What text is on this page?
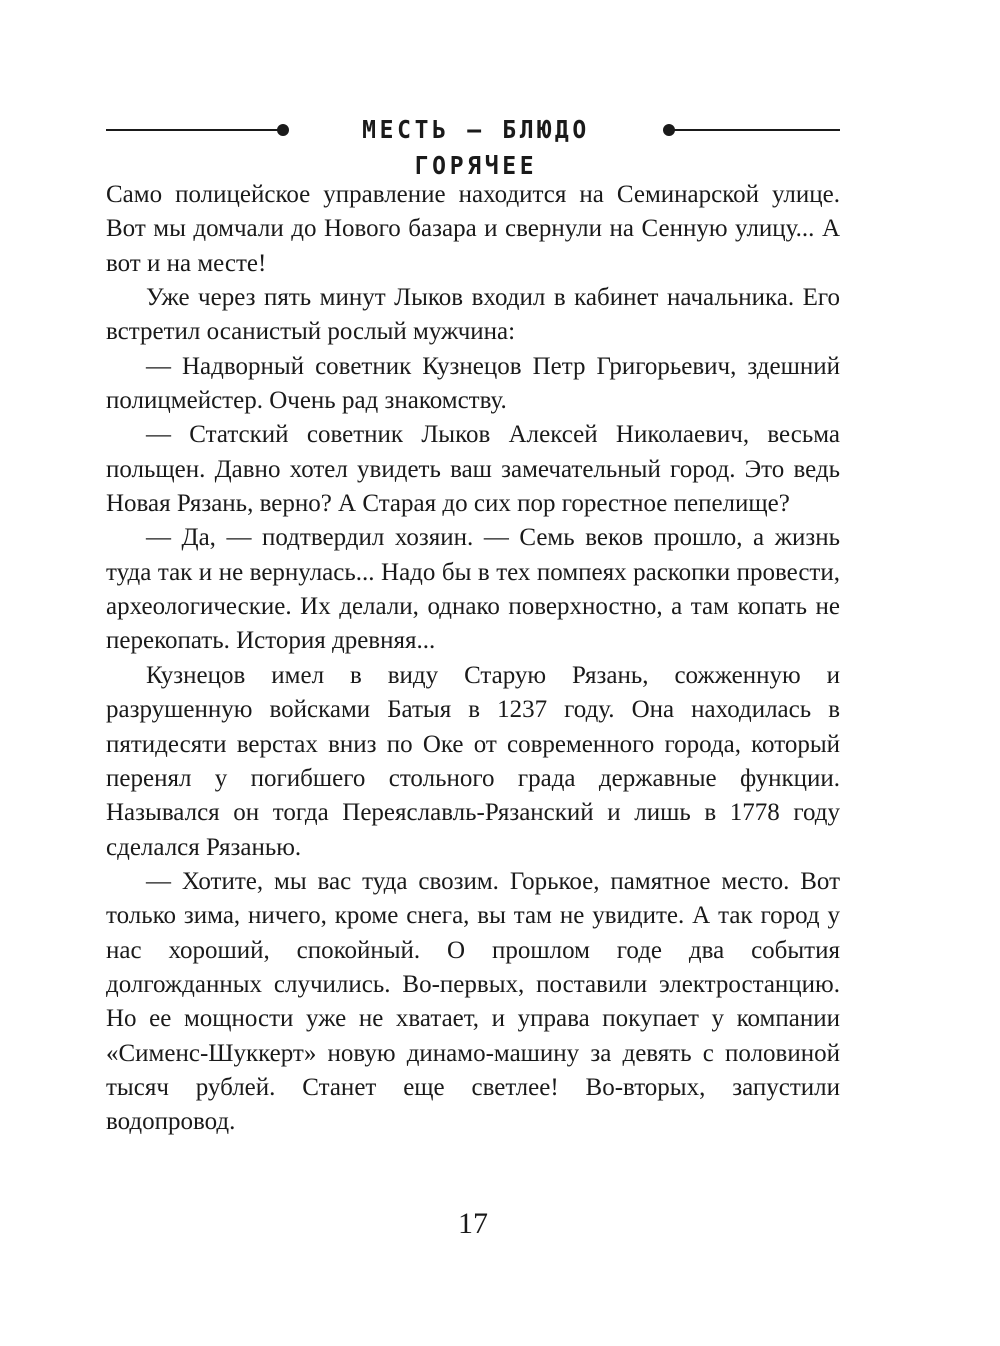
МЕСТЬ – БЛЮДО ГОРЯЧЕЕ

Само полицейское управление находится на Семинарской улице. Вот мы домчали до Нового базара и свернули на Сенную улицу... А вот и на месте!

Уже через пять минут Лыков входил в кабинет начальника. Его встретил осанистый рослый мужчина:

— Надворный советник Кузнецов Петр Григорьевич, здешний полицмейстер. Очень рад знакомству.

— Статский советник Лыков Алексей Николаевич, весьма польщен. Давно хотел увидеть ваш замечательный город. Это ведь Новая Рязань, верно? А Старая до сих пор горестное пепелище?

— Да, — подтвердил хозяин. — Семь веков прошло, а жизнь туда так и не вернулась... Надо бы в тех помпеях раскопки провести, археологические. Их делали, однако поверхностно, а там копать не перекопать. История древняя...

Кузнецов имел в виду Старую Рязань, сожженную и разрушенную войсками Батыя в 1237 году. Она находилась в пятидесяти верстах вниз по Оке от современного города, который перенял у погибшего стольного града державные функции. Назывался он тогда Переяславль-Рязанский и лишь в 1778 году сделался Рязанью.

— Хотите, мы вас туда свозим. Горькое, памятное место. Вот только зима, ничего, кроме снега, вы там не увидите. А так город у нас хороший, спокойный. О прошлом годе два события долгожданных случились. Во-первых, поставили электростанцию. Но ее мощности уже не хватает, и управа покупает у компании «Сименс-Шуккерт» новую динамо-машину за девять с половиной тысяч рублей. Станет еще светлее! Во-вторых, запустили водопровод.

17
